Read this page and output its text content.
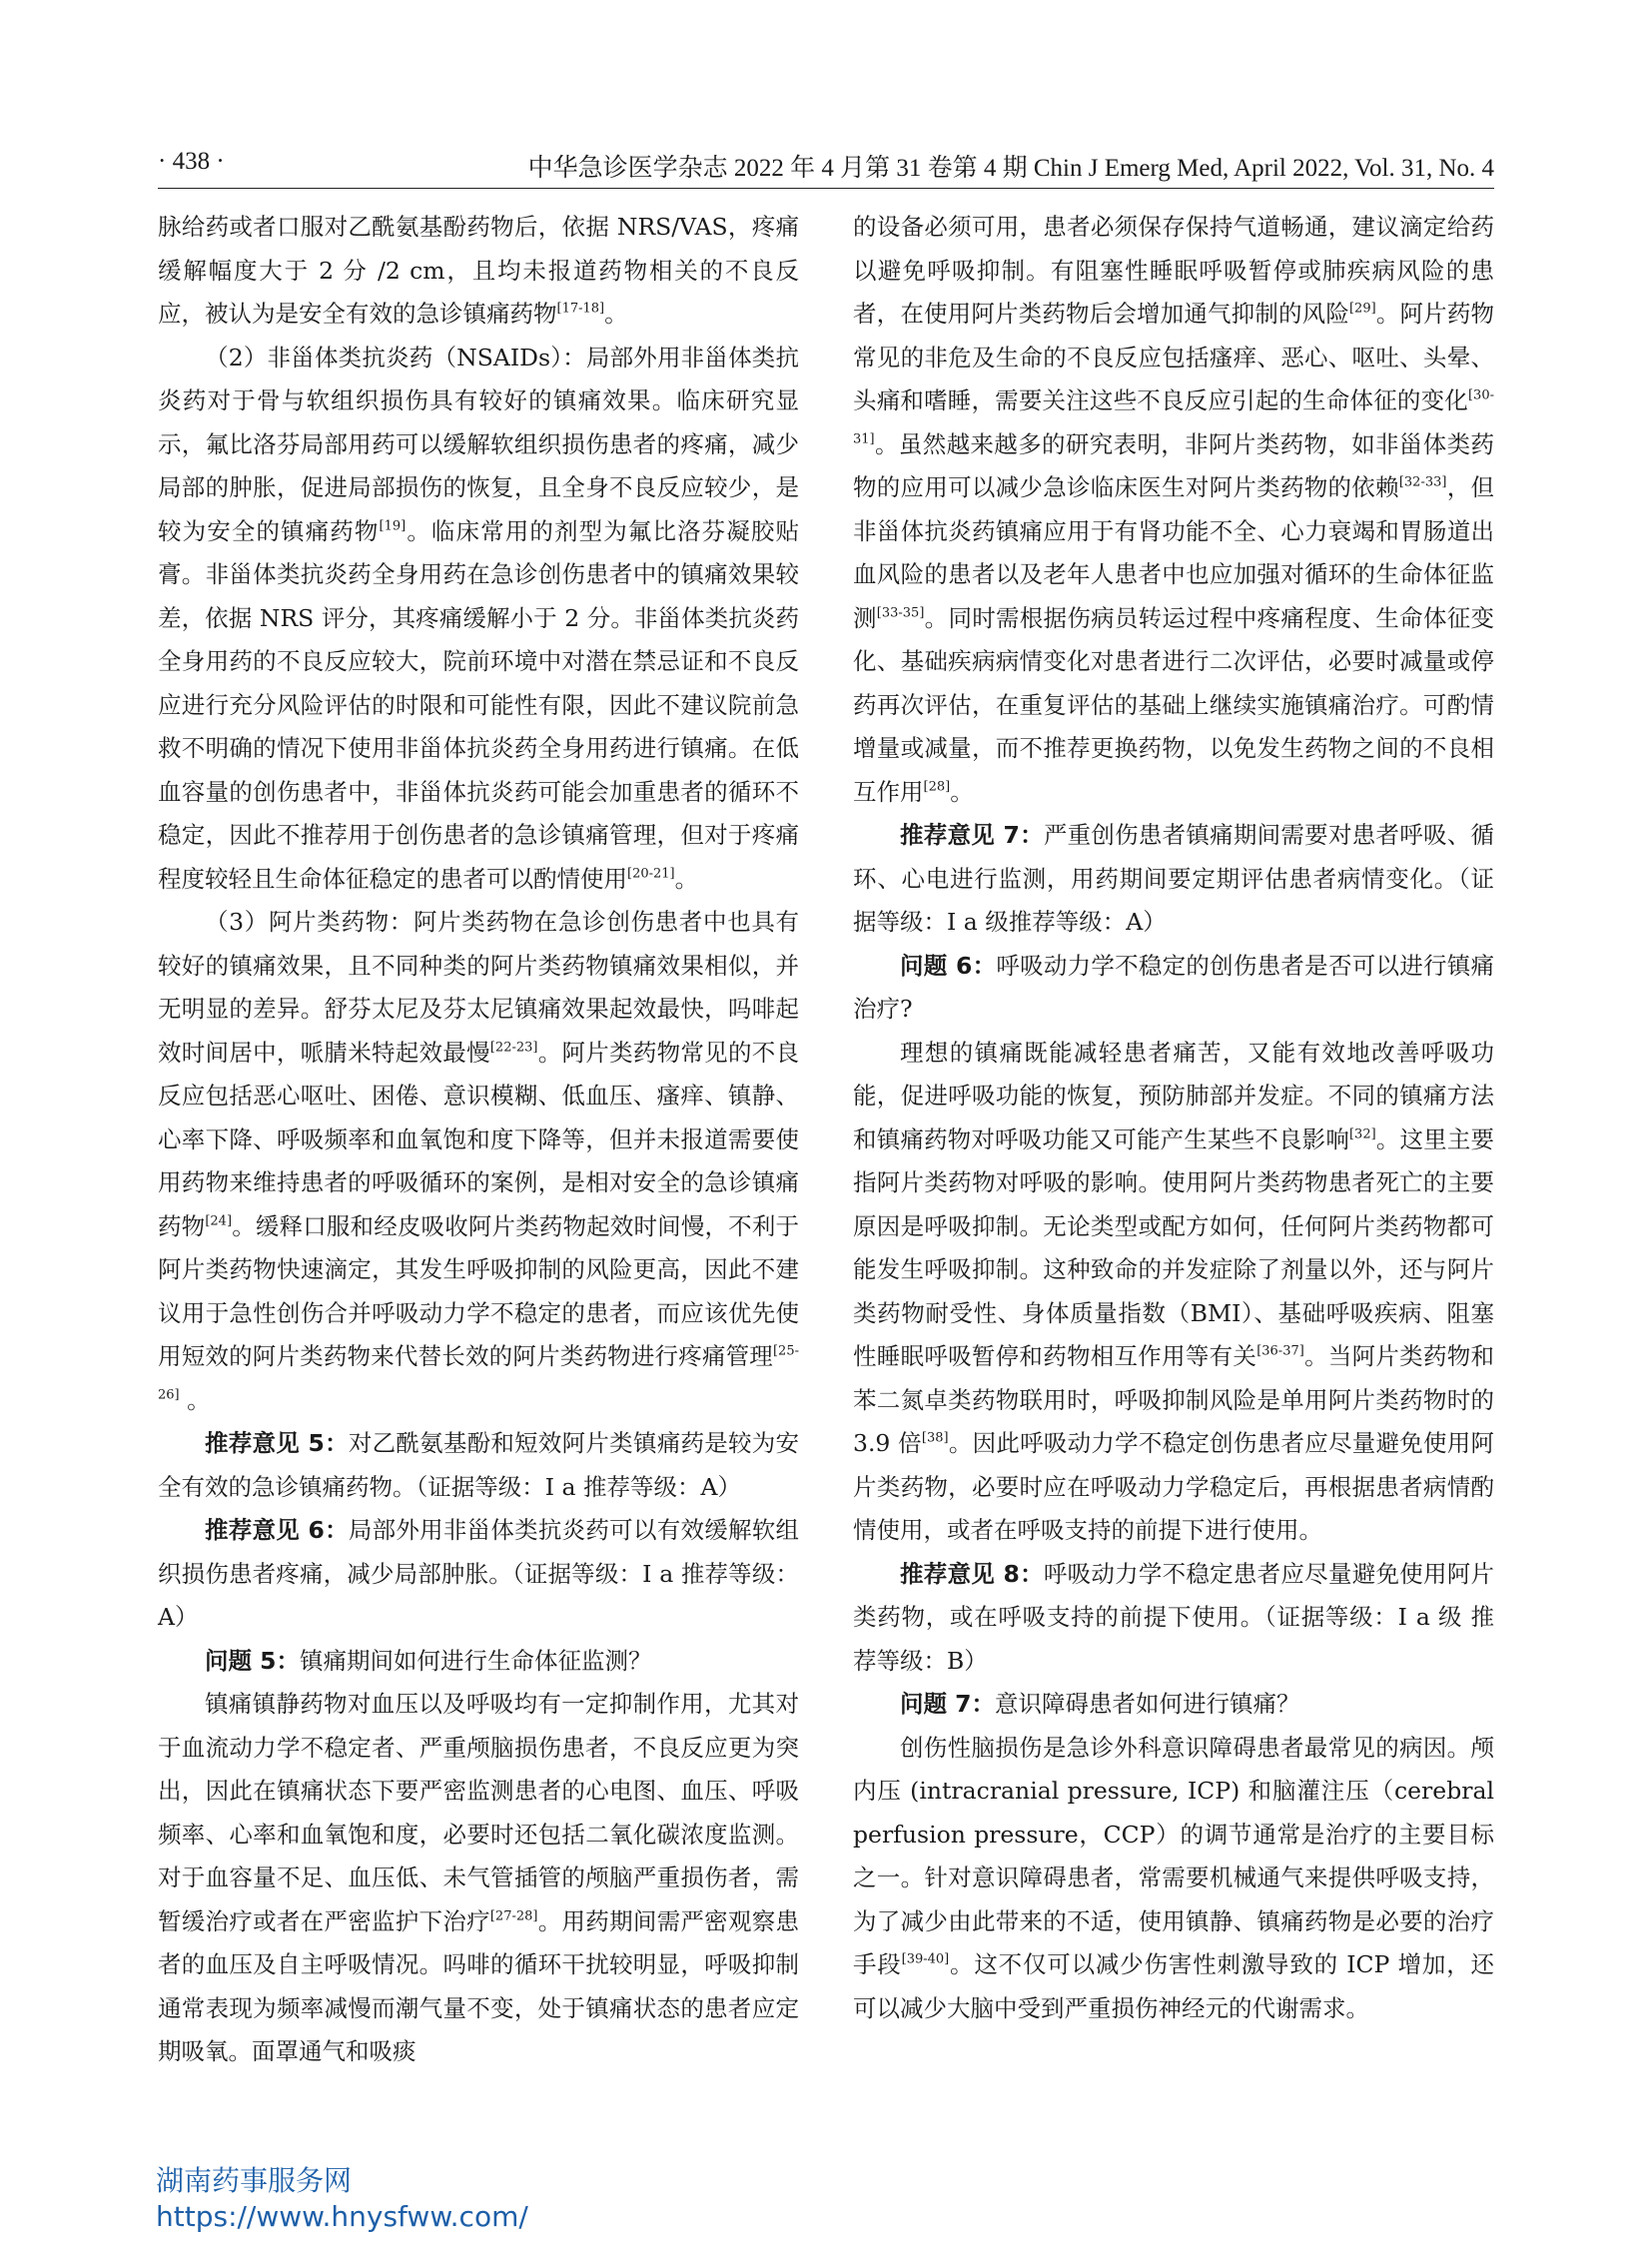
· 438 ·	中华急诊医学杂志 2022 年 4 月第 31 卷第 4 期 Chin J Emerg Med, April 2022, Vol. 31, No. 4

脉给药或者口服对乙酰氨基酚药物后，依据 NRS/VAS，疼痛缓解幅度大于 2 分 /2 cm，且均未报道药物相关的不良反应，被认为是安全有效的急诊镇痛药物[17-18]。

（2）非甾体类抗炎药（NSAIDs）：局部外用非甾体类抗炎药对于骨与软组织损伤具有较好的镇痛效果。临床研究显示，氟比洛芬局部用药可以缓解软组织损伤患者的疼痛，减少局部的肿胀，促进局部损伤的恢复，且全身不良反应较少，是较为安全的镇痛药物[19]。临床常用的剂型为氟比洛芬凝胶贴膏。非甾体类抗炎药全身用药在急诊创伤患者中的镇痛效果较差，依据 NRS 评分，其疼痛缓解小于 2 分。非甾体类抗炎药全身用药的不良反应较大，院前环境中对潜在禁忌证和不良反应进行充分风险评估的时限和可能性有限，因此不建议院前急救不明确的情况下使用非甾体抗炎药全身用药进行镇痛。在低血容量的创伤患者中，非甾体抗炎药可能会加重患者的循环不稳定，因此不推荐用于创伤患者的急诊镇痛管理，但对于疼痛程度较轻且生命体征稳定的患者可以酌情使用[20-21]。

（3）阿片类药物：阿片类药物在急诊创伤患者中也具有较好的镇痛效果，且不同种类的阿片类药物镇痛效果相似，并无明显的差异。舒芬太尼及芬太尼镇痛效果起效最快，吗啡起效时间居中，哌腈米特起效最慢[22-23]。阿片类药物常见的不良反应包括恶心呕吐、困倦、意识模糊、低血压、瘙痒、镇静、心率下降、呼吸频率和血氧饱和度下降等，但并未报道需要使用药物来维持患者的呼吸循环的案例，是相对安全的急诊镇痛药物[24]。缓释口服和经皮吸收阿片类药物起效时间慢，不利于阿片类药物快速滴定，其发生呼吸抑制的风险更高，因此不建议用于急性创伤合并呼吸动力学不稳定的患者，而应该优先使用短效的阿片类药物来代替长效的阿片类药物进行疼痛管理[25-26] 。

推荐意见 5：对乙酰氨基酚和短效阿片类镇痛药是较为安全有效的急诊镇痛药物。（证据等级：Ⅰ a 推荐等级：A）

推荐意见 6：局部外用非甾体类抗炎药可以有效缓解软组织损伤患者疼痛，减少局部肿胀。（证据等级：Ⅰ a 推荐等级：A）

问题 5：镇痛期间如何进行生命体征监测？

镇痛镇静药物对血压以及呼吸均有一定抑制作用，尤其对于血流动力学不稳定者、严重颅脑损伤患者，不良反应更为突出，因此在镇痛状态下要严密监测患者的心电图、血压、呼吸频率、心率和血氧饱和度，必要时还包括二氧化碳浓度监测。对于血容量不足、血压低、未气管插管的颅脑严重损伤者，需暂缓治疗或者在严密监护下治疗[27-28]。用药期间需严密观察患者的血压及自主呼吸情况。吗啡的循环干扰较明显，呼吸抑制通常表现为频率减慢而潮气量不变，处于镇痛状态的患者应定期吸氧。面罩通气和吸痰

的设备必须可用，患者必须保存保持气道畅通，建议滴定给药以避免呼吸抑制。有阻塞性睡眠呼吸暂停或肺疾病风险的患者，在使用阿片类药物后会增加通气抑制的风险[29]。阿片药物常见的非危及生命的不良反应包括瘙痒、恶心、呕吐、头晕、头痛和嗜睡，需要关注这些不良反应引起的生命体征的变化[30-31]。虽然越来越多的研究表明，非阿片类药物，如非甾体类药物的应用可以减少急诊临床医生对阿片类药物的依赖[32-33]，但非甾体抗炎药镇痛应用于有肾功能不全、心力衰竭和胃肠道出血风险的患者以及老年人患者中也应加强对循环的生命体征监测[33-35]。同时需根据伤病员转运过程中疼痛程度、生命体征变化、基础疾病病情变化对患者进行二次评估，必要时减量或停药再次评估，在重复评估的基础上继续实施镇痛治疗。可酌情增量或减量，而不推荐更换药物，以免发生药物之间的不良相互作用[28]。

推荐意见 7：严重创伤患者镇痛期间需要对患者呼吸、循环、心电进行监测，用药期间要定期评估患者病情变化。（证据等级：Ⅰ a 级推荐等级：A）

问题 6：呼吸动力学不稳定的创伤患者是否可以进行镇痛治疗?

理想的镇痛既能减轻患者痛苦，又能有效地改善呼吸功能，促进呼吸功能的恢复，预防肺部并发症。不同的镇痛方法和镇痛药物对呼吸功能又可能产生某些不良影响[32]。这里主要指阿片类药物对呼吸的影响。使用阿片类药物患者死亡的主要原因是呼吸抑制。无论类型或配方如何，任何阿片类药物都可能发生呼吸抑制。这种致命的并发症除了剂量以外，还与阿片类药物耐受性、身体质量指数（BMI）、基础呼吸疾病、阻塞性睡眠呼吸暂停和药物相互作用等有关[36-37]。当阿片类药物和苯二氮卓类药物联用时，呼吸抑制风险是单用阿片类药物时的 3.9 倍[38]。因此呼吸动力学不稳定创伤患者应尽量避免使用阿片类药物，必要时应在呼吸动力学稳定后，再根据患者病情酌情使用，或者在呼吸支持的前提下进行使用。

推荐意见 8：呼吸动力学不稳定患者应尽量避免使用阿片类药物，或在呼吸支持的前提下使用。（证据等级：Ⅰ a 级 推荐等级：B）

问题 7：意识障碍患者如何进行镇痛？

创伤性脑损伤是急诊外科意识障碍患者最常见的病因。颅内压 (intracranial pressure, ICP) 和脑灌注压（cerebral perfusion pressure，CCP）的调节通常是治疗的主要目标之一。针对意识障碍患者，常需要机械通气来提供呼吸支持，为了减少由此带来的不适，使用镇静、镇痛药物是必要的治疗手段[39-40]。这不仅可以减少伤害性刺激导致的 ICP 增加，还可以减少大脑中受到严重损伤神经元的代谢需求。

湖南药事服务网
https://www.hnysfww.com/
